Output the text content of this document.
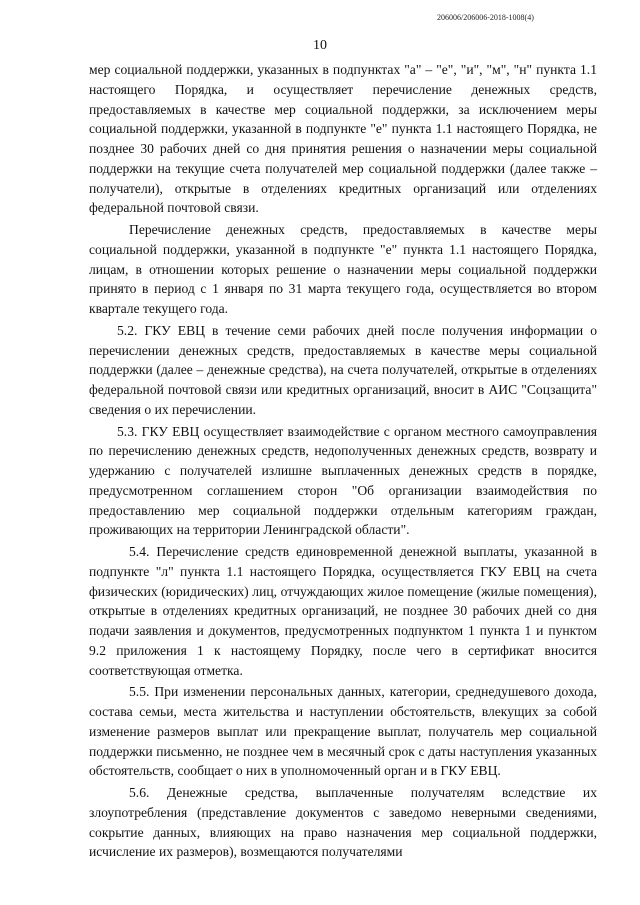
206006/206006-2018-1008(4)
10

мер социальной поддержки, указанных в подпунктах "а" – "е", "и", "м", "н" пункта 1.1 настоящего Порядка, и осуществляет перечисление денежных средств, предоставляемых в качестве мер социальной поддержки, за исключением меры социальной поддержки, указанной в подпункте "е" пункта 1.1 настоящего Порядка, не позднее 30 рабочих дней со дня принятия решения о назначении меры социальной поддержки на текущие счета получателей мер социальной поддержки (далее также – получатели), открытые в отделениях кредитных организаций или отделениях федеральной почтовой связи.

Перечисление денежных средств, предоставляемых в качестве меры социальной поддержки, указанной в подпункте "е" пункта 1.1 настоящего Порядка, лицам, в отношении которых решение о назначении меры социальной поддержки принято в период с 1 января по 31 марта текущего года, осуществляется во втором квартале текущего года.

5.2. ГКУ ЕВЦ в течение семи рабочих дней после получения информации о перечислении денежных средств, предоставляемых в качестве меры социальной поддержки (далее – денежные средства), на счета получателей, открытые в отделениях федеральной почтовой связи или кредитных организаций, вносит в АИС "Соцзащита" сведения о их перечислении.

5.3. ГКУ ЕВЦ осуществляет взаимодействие с органом местного самоуправления по перечислению денежных средств, недополученных денежных средств, возврату и удержанию с получателей излишне выплаченных денежных средств в порядке, предусмотренном соглашением сторон "Об организации взаимодействия по предоставлению мер социальной поддержки отдельным категориям граждан, проживающих на территории Ленинградской области".

5.4. Перечисление средств единовременной денежной выплаты, указанной в подпункте "л" пункта 1.1 настоящего Порядка, осуществляется ГКУ ЕВЦ на счета физических (юридических) лиц, отчуждающих жилое помещение (жилые помещения), открытые в отделениях кредитных организаций, не позднее 30 рабочих дней со дня подачи заявления и документов, предусмотренных подпунктом 1 пункта 1 и пунктом 9.2 приложения 1 к настоящему Порядку, после чего в сертификат вносится соответствующая отметка.

5.5. При изменении персональных данных, категории, среднедушевого дохода, состава семьи, места жительства и наступлении обстоятельств, влекущих за собой изменение размеров выплат или прекращение выплат, получатель мер социальной поддержки письменно, не позднее чем в месячный срок с даты наступления указанных обстоятельств, сообщает о них в уполномоченный орган и в ГКУ ЕВЦ.

5.6. Денежные средства, выплаченные получателям вследствие их злоупотребления (представление документов с заведомо неверными сведениями, сокрытие данных, влияющих на право назначения мер социальной поддержки, исчисление их размеров), возмещаются получателями
